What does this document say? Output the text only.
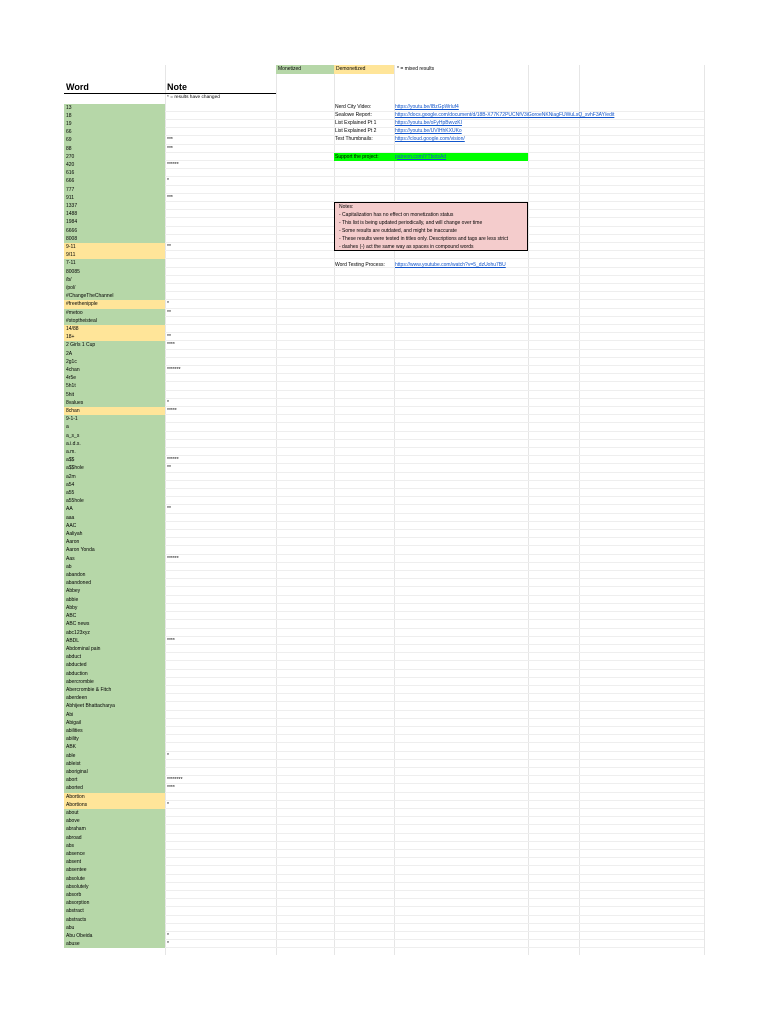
Monetized	Demonetized	* = mixed results
Word	Note
* = results have changed
13
18
19
66
69	***
88	***
270
420	******
616
666	*
777
911	***
1337
1488
1984
6666
8008
9-11	**
9/11
7-11
80085
/b/
/pol/
#ChangeTheChannel
#freethenipple	*
#metoo	**
#stoptheisteal
14/88
18+	**
2 Girls 1 Cup	****
2A
2g1c
4chan	*******
4r5e
5h1t
5hit
8values	*
8chan	*****
9-1-1
a
a_s_s
a.i.d.s.
a.m.
a$$	******
a$$hole	**
a2m
a54
a55
a55hole
AA	**
aaa
AAC
Aaliyah
Aaron
Aaron Yonda
Aas	******
ab
abandon
abandoned
Abbey
abbie
Abby
ABC
ABC news
abc123xyz
ABDL	****
Abdominal pain
abduct
abducted
abduction
abercrombie
Abercrombie & Fitch
aberdeen
Abhijeet Bhattacharya
Abi
Abigail
abilities
ability
ABK
able	*
ableist
aboriginal
abort	********
aborted	****
Abortion
Abortions	*
about
above
abraham
abroad
abs
absence
absent
absentee
absolute
absolutely
absorb
absorption
abstract
abstracts
abu
Abu Obeida	*
abuse	*
Nerd City Video:	https://youtu.be/IBzGpWrluf4
Sealowe Report:	https://docs.google.com/document/d/18B-X77K72PUCNfV3iGoroeNKNiagFUWuLsQ_svhF3AY/edit
List Explained Pt 1	https://youtu.be/oFyHpBwvzKI
List Explained Pt 2	https://youtu.be/UVIHhKXUKo
Test Thumbnails:	https://cloud.google.com/vision/
Support the project:	patreon.com/YTbotsAd
Notes:
- Capitalization has no effect on monetization status
- This list is being updated periodically, and will change over time
- Some results are outdated, and might be inaccurate
- These results were tested in titles only. Descriptions and tags are less strict
- dashes (-) act the same way as spaces in compound words
Word Testing Process: https://www.youtube.com/watch?v=5_dzUohu7BU
